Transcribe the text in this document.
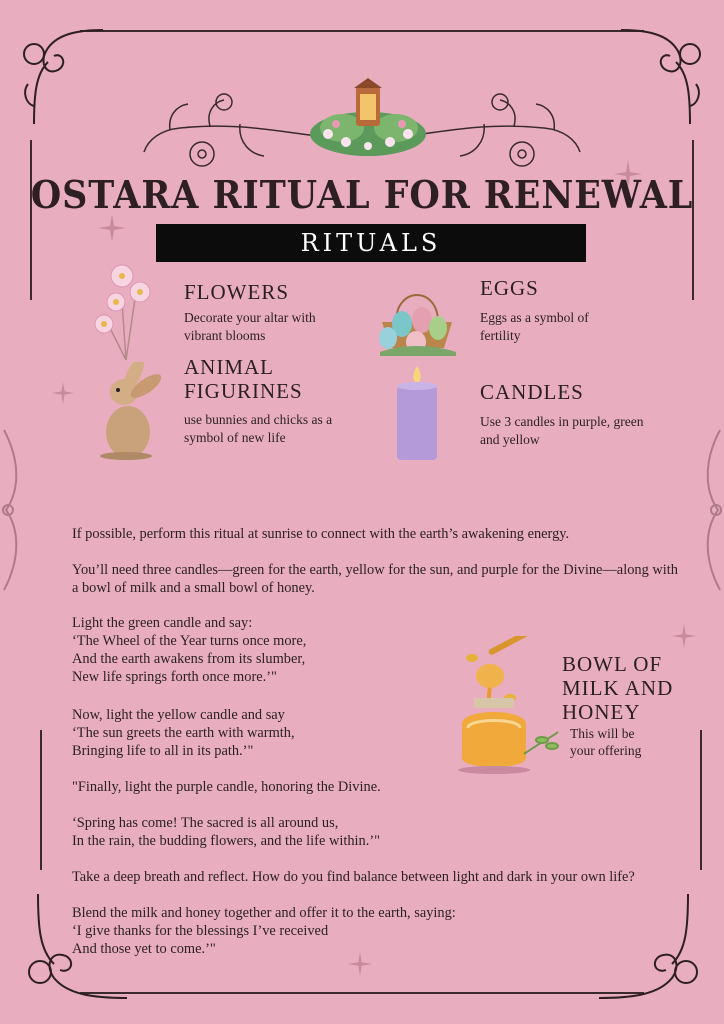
OSTARA RITUAL FOR RENEWAL
RITUALS
FLOWERS
Decorate your altar with vibrant blooms
EGGS
Eggs as a symbol of fertility
ANIMAL FIGURINES
use bunnies and chicks as a symbol of new life
CANDLES
Use 3 candles in purple, green and yellow
If possible, perform this ritual at sunrise to connect with the earth’s awakening energy.
You’ll need three candles—green for the earth, yellow for the sun, and purple for the Divine—along with a bowl of milk and a small bowl of honey.
Light the green candle and say:
‘The Wheel of the Year turns once more,
And the earth awakens from its slumber,
New life springs forth once more.’"
Now, light the yellow candle and say
‘The sun greets the earth with warmth,
Bringing life to all in its path.’"
"Finally, light the purple candle, honoring the Divine.
‘Spring has come! The sacred is all around us,
In the rain, the budding flowers, and the life within.’"
Take a deep breath and reflect. How do you find balance between light and dark in your own life?
Blend the milk and honey together and offer it to the earth, saying:
‘I give thanks for the blessings I’ve received
And those yet to come.’"
BOWL OF
MILK AND
HONEY
This will be
your offering
